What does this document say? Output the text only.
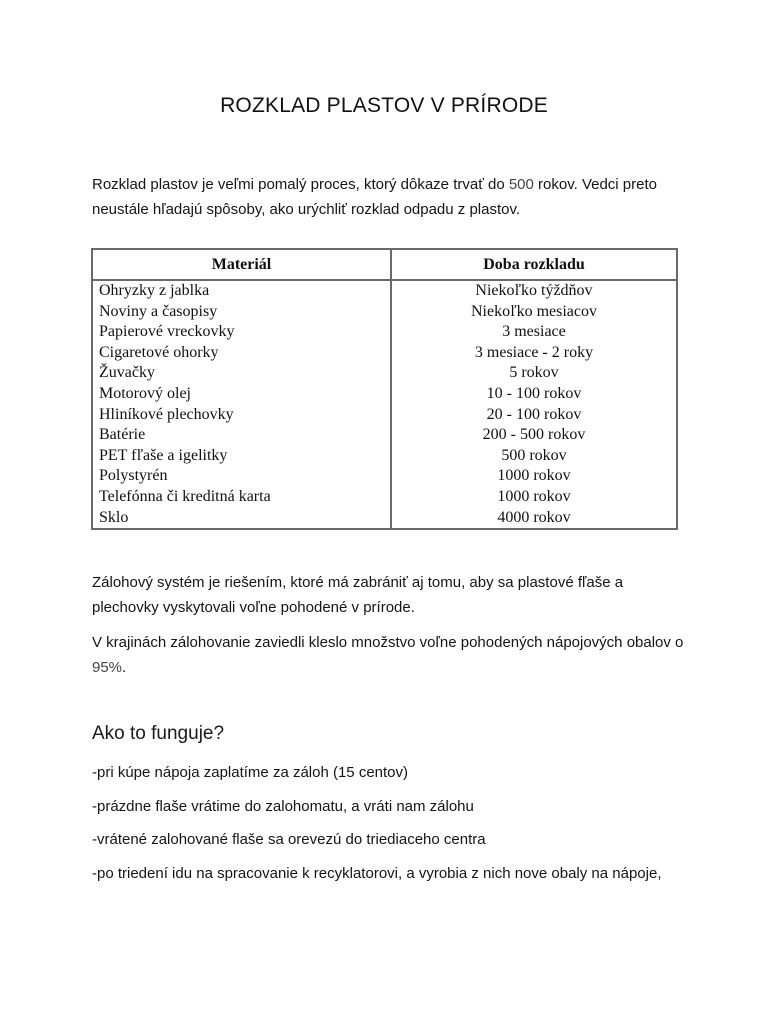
ROZKLAD PLASTOV V PRÍRODE
Rozklad plastov je veľmi pomalý proces, ktorý dôkaze trvať do 500 rokov. Vedci preto neustále hľadajú spôsoby, ako urýchliť rozklad odpadu z plastov.
Materiál	Doba rozkladu
Ohryzky z jablka	Niekoľko týždňov
Noviny a časopisy	Niekoľko mesiacov
Papierové vreckovky	3 mesiace
Cigaretové ohorky	3 mesiace - 2 roky
Žuvačky	5 rokov
Motorový olej	10 - 100 rokov
Hliníkové plechovky	20 - 100 rokov
Batérie	200 - 500 rokov
PET fľaše a igelitky	500 rokov
Polystyrén	1000 rokov
Telefónna či kreditná karta	1000 rokov
Sklo	4000 rokov
Zálohový systém je riešením, ktoré má zabrániť aj tomu, aby sa plastové fľaše a plechovky vyskytovali voľne pohodené v prírode.
V krajinách zálohovanie zaviedli kleslo množstvo voľne pohodených nápojových obalov o 95%.
Ako to funguje?
-pri kúpe nápoja zaplatíme za záloh (15 centov)
-prázdne flaše vrátime do zalohomatu, a vráti nam zálohu
-vrátené zalohované flaše sa orevezú do triediaceho centra
-po triedení idu na spracovanie k recyklatorovi, a vyrobia z nich nove obaly na nápoje,
